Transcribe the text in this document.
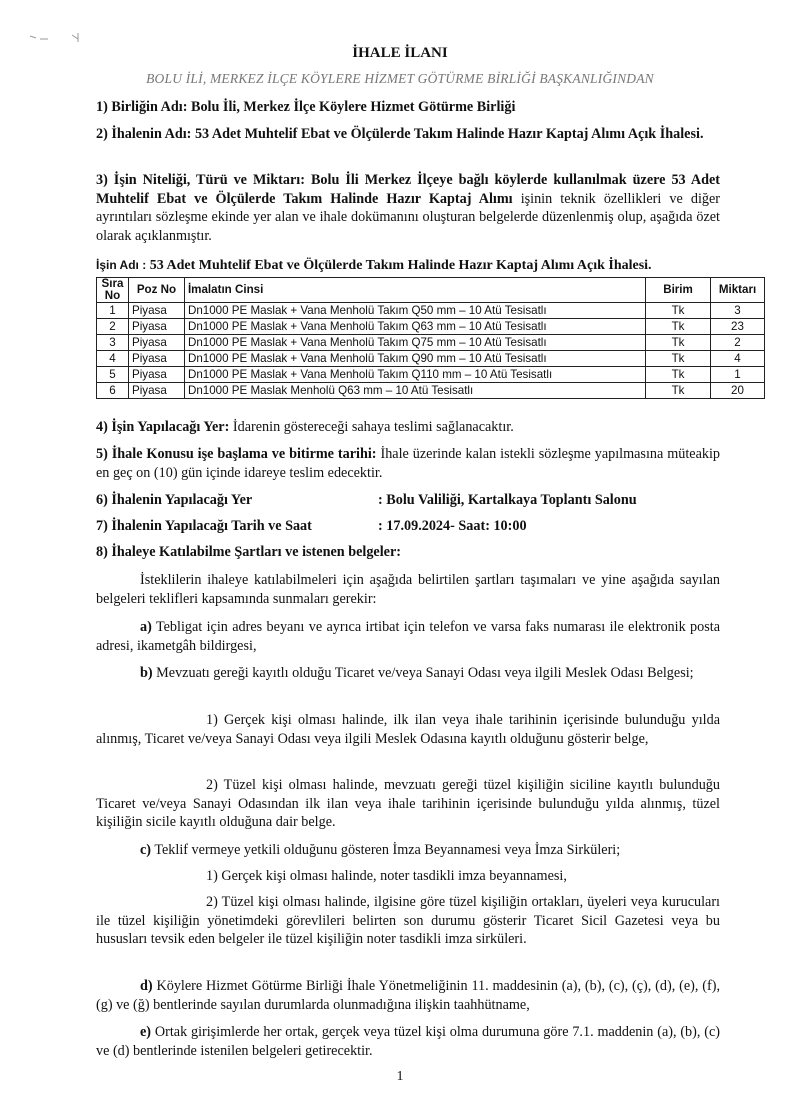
İHALE İLANI
BOLU İLİ, MERKEZ İLÇE KÖYLERE HİZMET GÖTÜRME BİRLİĞİ BAŞKANLIĞINDAN
1) Birliğin Adı: Bolu İli, Merkez İlçe Köylere Hizmet Götürme Birliği
2) İhalenin Adı: 53 Adet Muhtelif Ebat ve Ölçülerde Takım Halinde Hazır Kaptaj Alımı Açık İhalesi.
3) İşin Niteliği, Türü ve Miktarı: Bolu İli Merkez İlçeye bağlı köylerde kullanılmak üzere 53 Adet Muhtelif Ebat ve Ölçülerde Takım Halinde Hazır Kaptaj Alımı işinin teknik özellikleri ve diğer ayrıntıları sözleşme ekinde yer alan ve ihale dokümanını oluşturan belgelerde düzenlenmiş olup, aşağıda özet olarak açıklanmıştır.
İşin Adı : 53 Adet Muhtelif Ebat ve Ölçülerde Takım Halinde Hazır Kaptaj Alımı Açık İhalesi.
Sıra No	Poz No	İmalatın Cinsi	Birim	Miktarı
1	Piyasa	Dn1000 PE Maslak + Vana Menholü Takım Q50 mm – 10 Atü Tesisatlı	Tk	3
2	Piyasa	Dn1000 PE Maslak + Vana Menholü Takım Q63 mm – 10 Atü Tesisatlı	Tk	23
3	Piyasa	Dn1000 PE Maslak + Vana Menholü Takım Q75 mm – 10 Atü Tesisatlı	Tk	2
4	Piyasa	Dn1000 PE Maslak + Vana Menholü Takım Q90 mm – 10 Atü Tesisatlı	Tk	4
5	Piyasa	Dn1000 PE Maslak + Vana Menholü Takım Q110 mm – 10 Atü Tesisatlı	Tk	1
6	Piyasa	Dn1000 PE Maslak Menholü Q63 mm – 10 Atü Tesisatlı	Tk	20
4) İşin Yapılacağı Yer: İdarenin göstereceği sahaya teslimi sağlanacaktır.
5) İhale Konusu işe başlama ve bitirme tarihi: İhale üzerinde kalan istekli sözleşme yapılmasına müteakip en geç on (10) gün içinde idareye teslim edecektir.
6) İhalenin Yapılacağı Yer	: Bolu Valiliği, Kartalkaya Toplantı Salonu
7) İhalenin Yapılacağı Tarih ve Saat	: 17.09.2024- Saat: 10:00
8) İhaleye Katılabilme Şartları ve istenen belgeler:
İsteklilerin ihaleye katılabilmeleri için aşağıda belirtilen şartları taşımaları ve yine aşağıda sayılan belgeleri teklifleri kapsamında sunmaları gerekir:
a) Tebligat için adres beyanı ve ayrıca irtibat için telefon ve varsa faks numarası ile elektronik posta adresi, ikametgâh bildirgesi,
b) Mevzuatı gereği kayıtlı olduğu Ticaret ve/veya Sanayi Odası veya ilgili Meslek Odası Belgesi;
1) Gerçek kişi olması halinde, ilk ilan veya ihale tarihinin içerisinde bulunduğu yılda alınmış, Ticaret ve/veya Sanayi Odası veya ilgili Meslek Odasına kayıtlı olduğunu gösterir belge,
2) Tüzel kişi olması halinde, mevzuatı gereği tüzel kişiliğin siciline kayıtlı bulunduğu Ticaret ve/veya Sanayi Odasından ilk ilan veya ihale tarihinin içerisinde bulunduğu yılda alınmış, tüzel kişiliğin sicile kayıtlı olduğuna dair belge.
c) Teklif vermeye yetkili olduğunu gösteren İmza Beyannamesi veya İmza Sirküleri;
1) Gerçek kişi olması halinde, noter tasdikli imza beyannamesi,
2) Tüzel kişi olması halinde, ilgisine göre tüzel kişiliğin ortakları, üyeleri veya kurucuları ile tüzel kişiliğin yönetimdeki görevlileri belirten son durumu gösterir Ticaret Sicil Gazetesi veya bu hususları tevsik eden belgeler ile tüzel kişiliğin noter tasdikli imza sirküleri.
d) Köylere Hizmet Götürme Birliği İhale Yönetmeliğinin 11. maddesinin (a), (b), (c), (ç), (d), (e), (f), (g) ve (ğ) bentlerinde sayılan durumlarda olunmadığına ilişkin taahhütname,
e) Ortak girişimlerde her ortak, gerçek veya tüzel kişi olma durumuna göre 7.1. maddenin (a), (b), (c) ve (d) bentlerinde istenilen belgeleri getirecektir.
1
